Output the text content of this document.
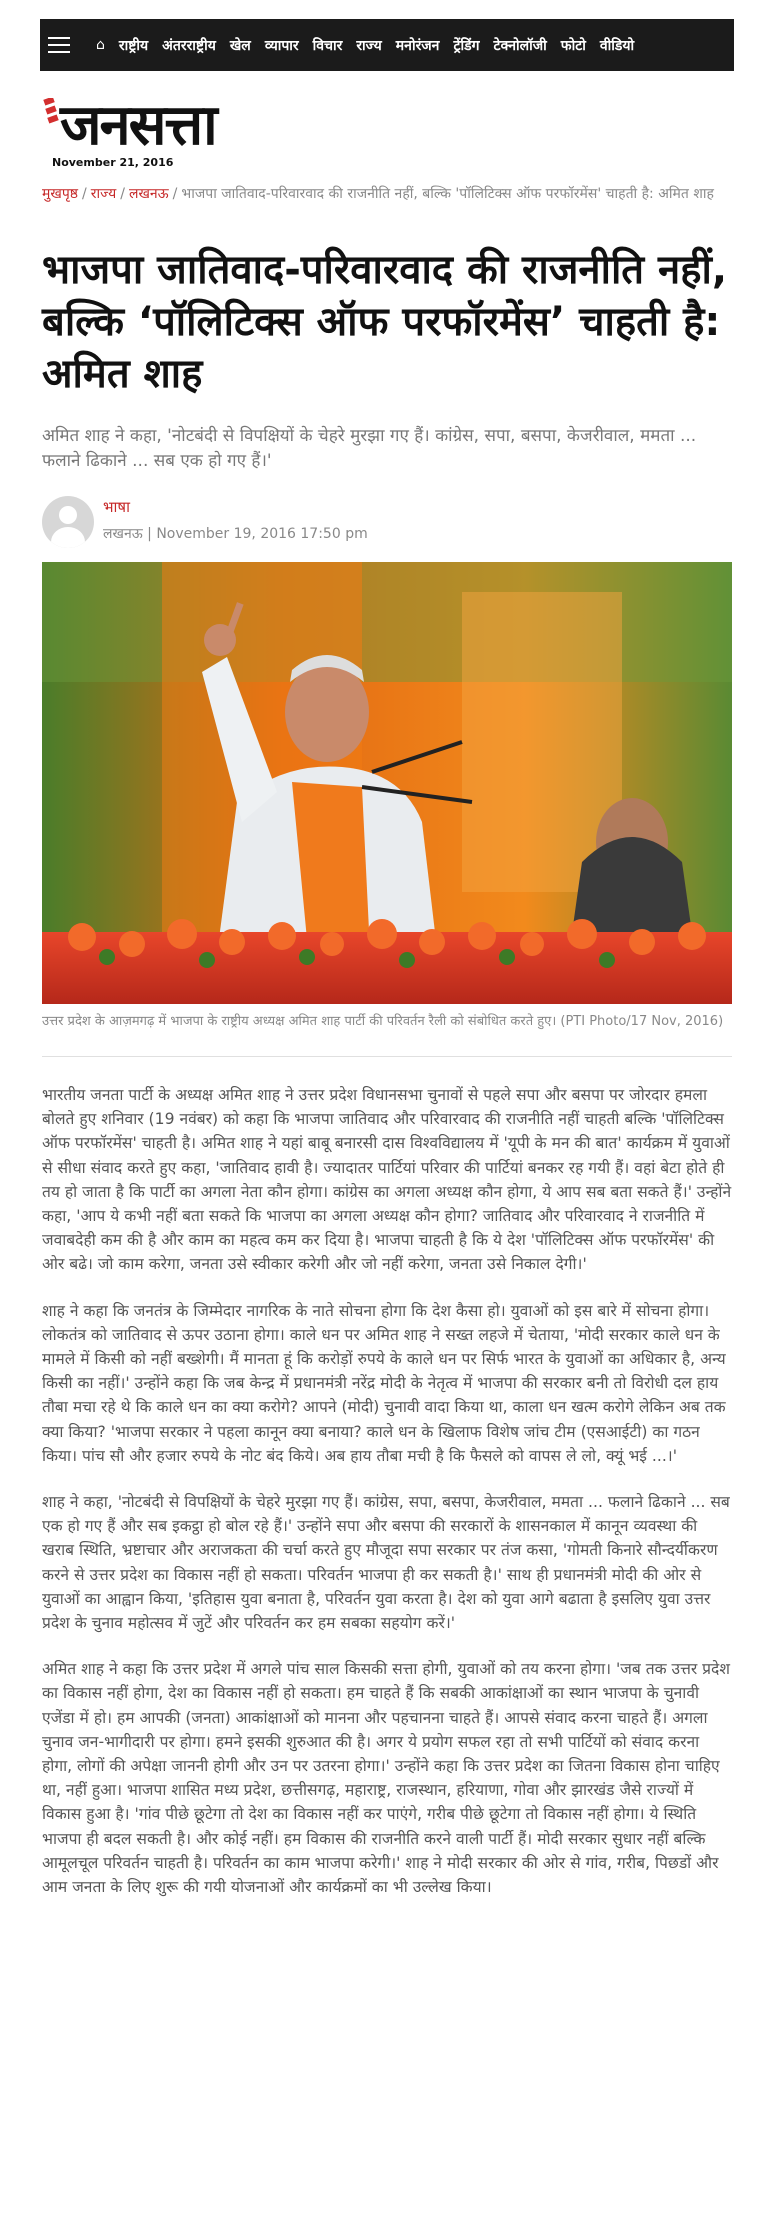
⌂ राष्ट्रीय अंतरराष्ट्रीय खेल व्यापार विचार राज्य मनोरंजन ट्रेंडिंग टेक्नोलॉजी फोटो वीडियो
जनसत्ता
November 21, 2016
मुखपृष्ठ / राज्य / लखनऊ / भाजपा जातिवाद-परिवारवाद की राजनीति नहीं, बल्कि 'पॉलिटिक्स ऑफ परफॉरमेंस' चाहती है: अमित शाह
भाजपा जातिवाद-परिवारवाद की राजनीति नहीं, बल्कि ‘पॉलिटिक्स ऑफ परफॉरमेंस’ चाहती है: अमित शाह
अमित शाह ने कहा, 'नोटबंदी से विपक्षियों के चेहरे मुरझा गए हैं। कांग्रेस, सपा, बसपा, केजरीवाल, ममता ... फलाने ढिकाने ... सब एक हो गए हैं।'
भाषा
लखनऊ | November 19, 2016 17:50 pm
उत्तर प्रदेश के आज़मगढ़ में भाजपा के राष्ट्रीय अध्यक्ष अमित शाह पार्टी की परिवर्तन रैली को संबोधित करते हुए। (PTI Photo/17 Nov, 2016)

भारतीय जनता पार्टी के अध्यक्ष अमित शाह ने उत्तर प्रदेश विधानसभा चुनावों से पहले सपा और बसपा पर जोरदार हमला बोलते हुए शनिवार (19 नवंबर) को कहा कि भाजपा जातिवाद और परिवारवाद की राजनीति नहीं चाहती बल्कि 'पॉलिटिक्स ऑफ परफॉरमेंस' चाहती है। अमित शाह ने यहां बाबू बनारसी दास विश्वविद्यालय में 'यूपी के मन की बात' कार्यक्रम में युवाओं से सीधा संवाद करते हुए कहा, 'जातिवाद हावी है। ज्यादातर पार्टियां परिवार की पार्टियां बनकर रह गयी हैं। वहां बेटा होते ही तय हो जाता है कि पार्टी का अगला नेता कौन होगा। कांग्रेस का अगला अध्यक्ष कौन होगा, ये आप सब बता सकते हैं।' उन्होंने कहा, 'आप ये कभी नहीं बता सकते कि भाजपा का अगला अध्यक्ष कौन होगा? जातिवाद और परिवारवाद ने राजनीति में जवाबदेही कम की है और काम का महत्व कम कर दिया है। भाजपा चाहती है कि ये देश 'पॉलिटिक्स ऑफ परफॉरमेंस' की ओर बढे। जो काम करेगा, जनता उसे स्वीकार करेगी और जो नहीं करेगा, जनता उसे निकाल देगी।'

शाह ने कहा कि जनतंत्र के जिम्मेदार नागरिक के नाते सोचना होगा कि देश कैसा हो। युवाओं को इस बारे में सोचना होगा। लोकतंत्र को जातिवाद से ऊपर उठाना होगा। काले धन पर अमित शाह ने सख्त लहजे में चेताया, 'मोदी सरकार काले धन के मामले में किसी को नहीं बख्शेगी। मैं मानता हूं कि करोड़ों रुपये के काले धन पर सिर्फ भारत के युवाओं का अधिकार है, अन्य किसी का नहीं।' उन्होंने कहा कि जब केन्द्र में प्रधानमंत्री नरेंद्र मोदी के नेतृत्व में भाजपा की सरकार बनी तो विरोधी दल हाय तौबा मचा रहे थे कि काले धन का क्या करोगे? आपने (मोदी) चुनावी वादा किया था, काला धन खत्म करोगे लेकिन अब तक क्या किया? 'भाजपा सरकार ने पहला कानून क्या बनाया? काले धन के खिलाफ विशेष जांच टीम (एसआईटी) का गठन किया। पांच सौ और हजार रुपये के नोट बंद किये। अब हाय तौबा मची है कि फैसले को वापस ले लो, क्यूं भई ...।'

शाह ने कहा, 'नोटबंदी से विपक्षियों के चेहरे मुरझा गए हैं। कांग्रेस, सपा, बसपा, केजरीवाल, ममता ... फलाने ढिकाने ... सब एक हो गए हैं और सब इकट्ठा हो बोल रहे हैं।' उन्होंने सपा और बसपा की सरकारों के शासनकाल में कानून व्यवस्था की खराब स्थिति, भ्रष्टाचार और अराजकता की चर्चा करते हुए मौजूदा सपा सरकार पर तंज कसा, 'गोमती किनारे सौन्दर्यीकरण करने से उत्तर प्रदेश का विकास नहीं हो सकता। परिवर्तन भाजपा ही कर सकती है।' साथ ही प्रधानमंत्री मोदी की ओर से युवाओं का आह्वान किया, 'इतिहास युवा बनाता है, परिवर्तन युवा करता है। देश को युवा आगे बढाता है इसलिए युवा उत्तर प्रदेश के चुनाव महोत्सव में जुटें और परिवर्तन कर हम सबका सहयोग करें।'

अमित शाह ने कहा कि उत्तर प्रदेश में अगले पांच साल किसकी सत्ता होगी, युवाओं को तय करना होगा। 'जब तक उत्तर प्रदेश का विकास नहीं होगा, देश का विकास नहीं हो सकता। हम चाहते हैं कि सबकी आकांक्षाओं का स्थान भाजपा के चुनावी एजेंडा में हो। हम आपकी (जनता) आकांक्षाओं को मानना और पहचानना चाहते हैं। आपसे संवाद करना चाहते हैं। अगला चुनाव जन-भागीदारी पर होगा। हमने इसकी शुरुआत की है। अगर ये प्रयोग सफल रहा तो सभी पार्टियों को संवाद करना होगा, लोगों की अपेक्षा जाननी होगी और उन पर उतरना होगा।' उन्होंने कहा कि उत्तर प्रदेश का जितना विकास होना चाहिए था, नहीं हुआ। भाजपा शासित मध्य प्रदेश, छत्तीसगढ़, महाराष्ट्र, राजस्थान, हरियाणा, गोवा और झारखंड जैसे राज्यों में विकास हुआ है। 'गांव पीछे छूटेगा तो देश का विकास नहीं कर पाएंगे, गरीब पीछे छूटेगा तो विकास नहीं होगा। ये स्थिति भाजपा ही बदल सकती है। और कोई नहीं। हम विकास की राजनीति करने वाली पार्टी हैं। मोदी सरकार सुधार नहीं बल्कि आमूलचूल परिवर्तन चाहती है। परिवर्तन का काम भाजपा करेगी।' शाह ने मोदी सरकार की ओर से गांव, गरीब, पिछडों और आम जनता के लिए शुरू की गयी योजनाओं और कार्यक्रमों का भी उल्लेख किया।
